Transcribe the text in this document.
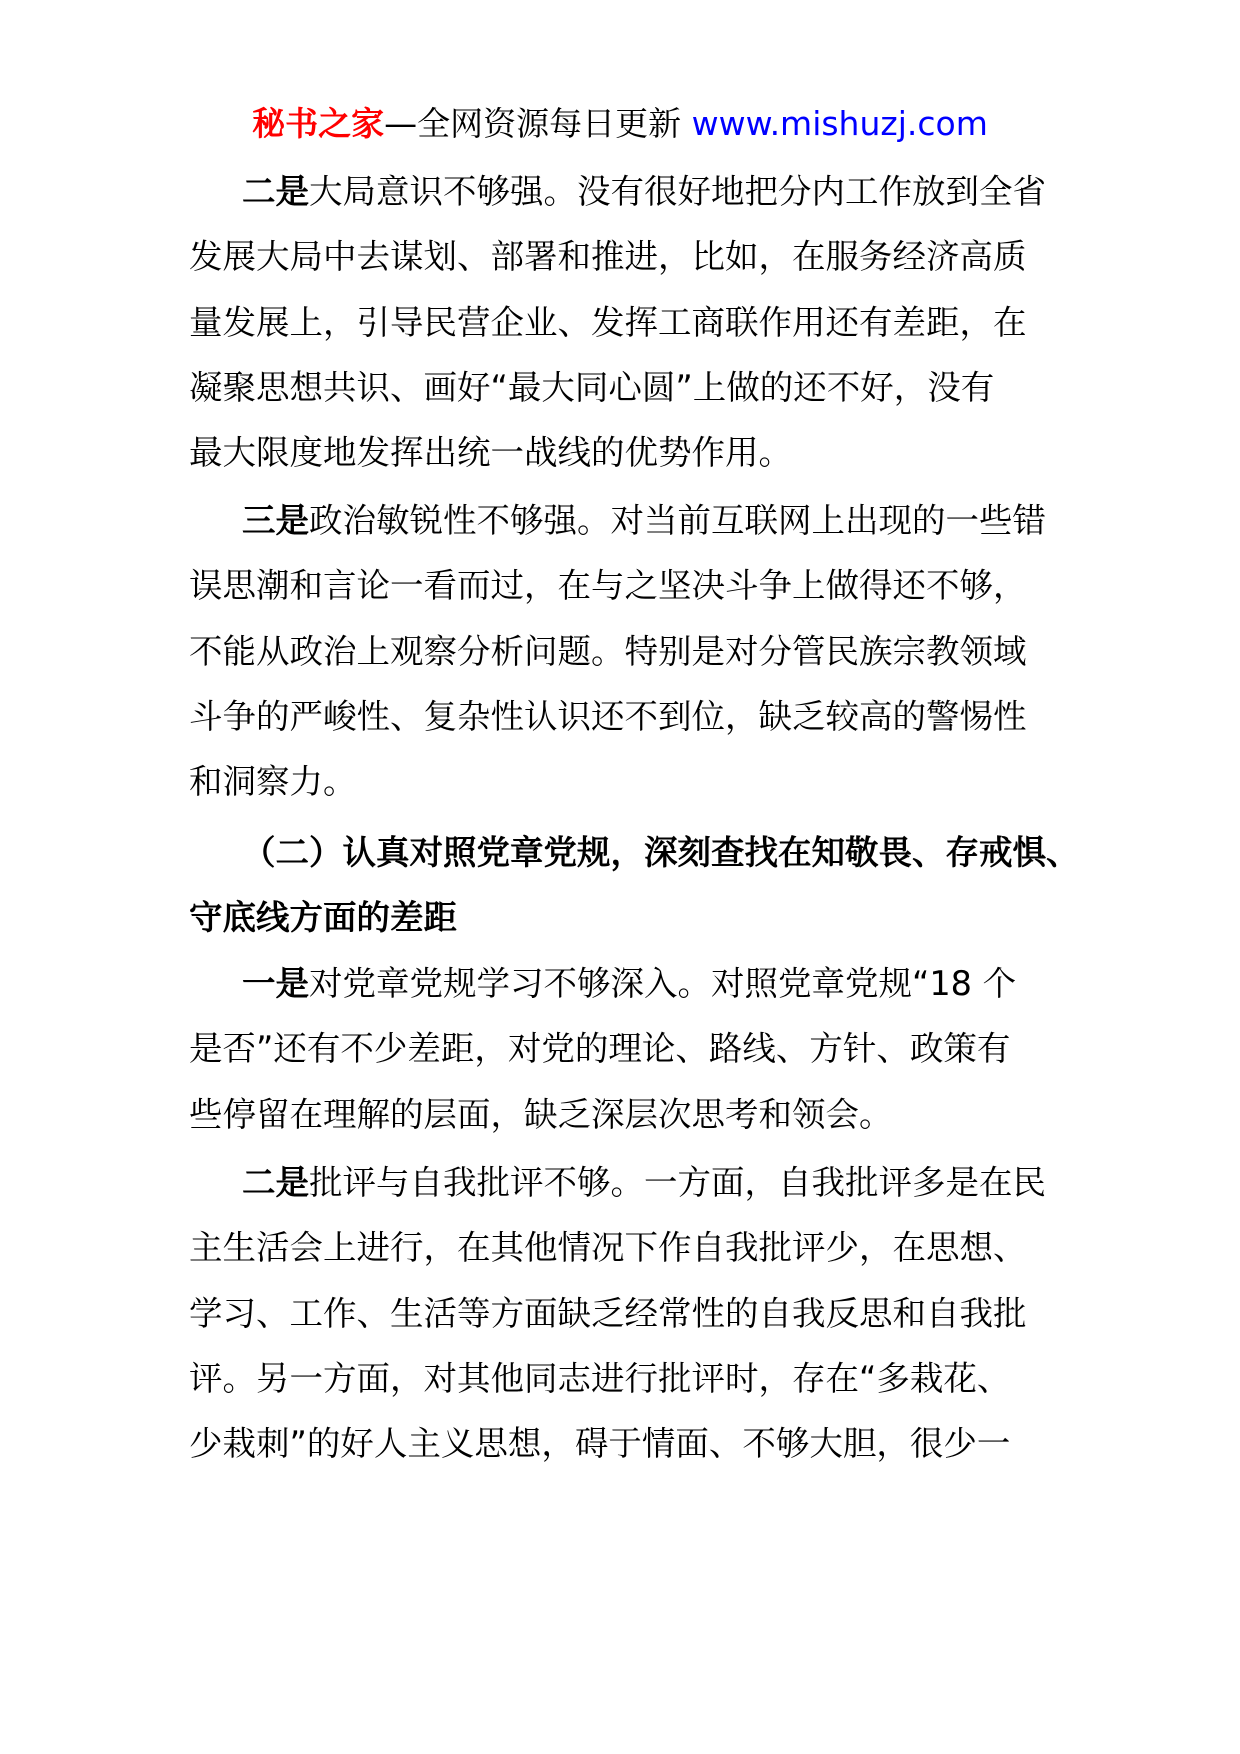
秘书之家—全网资源每日更新 www.mishuzj.com
二是大局意识不够强。没有很好地把分内工作放到全省
发展大局中去谋划、部署和推进，比如，在服务经济高质
量发展上，引导民营企业、发挥工商联作用还有差距，在
凝聚思想共识、画好“最大同心圆”上做的还不好，没有
最大限度地发挥出统一战线的优势作用。
三是政治敏锐性不够强。对当前互联网上出现的一些错
误思潮和言论一看而过，在与之坚决斗争上做得还不够，
不能从政治上观察分析问题。特别是对分管民族宗教领域
斗争的严峻性、复杂性认识还不到位，缺乏较高的警惕性
和洞察力。
（二）认真对照党章党规，深刻查找在知敬畏、存戒惧、
守底线方面的差距
一是对党章党规学习不够深入。对照党章党规“18 个
是否”还有不少差距，对党的理论、路线、方针、政策有
些停留在理解的层面，缺乏深层次思考和领会。
二是批评与自我批评不够。一方面，自我批评多是在民
主生活会上进行，在其他情况下作自我批评少，在思想、
学习、工作、生活等方面缺乏经常性的自我反思和自我批
评。另一方面，对其他同志进行批评时，存在“多栽花、
少栽刺”的好人主义思想，碍于情面、不够大胆，很少一
